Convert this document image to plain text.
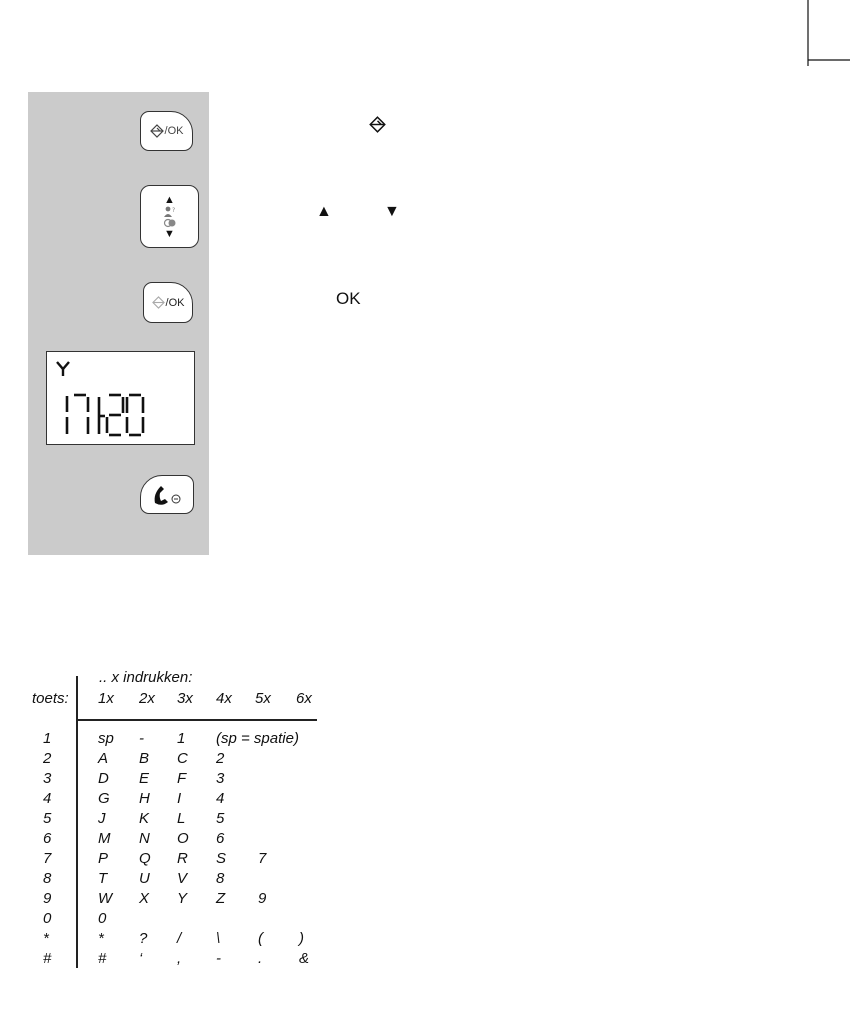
/OK
▲
?
▼
/OK
▲	▼
OK
.. x indrukken:
toets: 1x 2x 3x 4x 5x 6x
1	sp - 1 (sp = spatie)
2	A B C 2
3	D E F 3
4	G H I 4
5	J K L 5
6	M N O 6
7	P Q R S 7
8	T U V 8
9	W X Y Z 9
0	0
*	* ? / \	( )
#	# ‘ , - . &
